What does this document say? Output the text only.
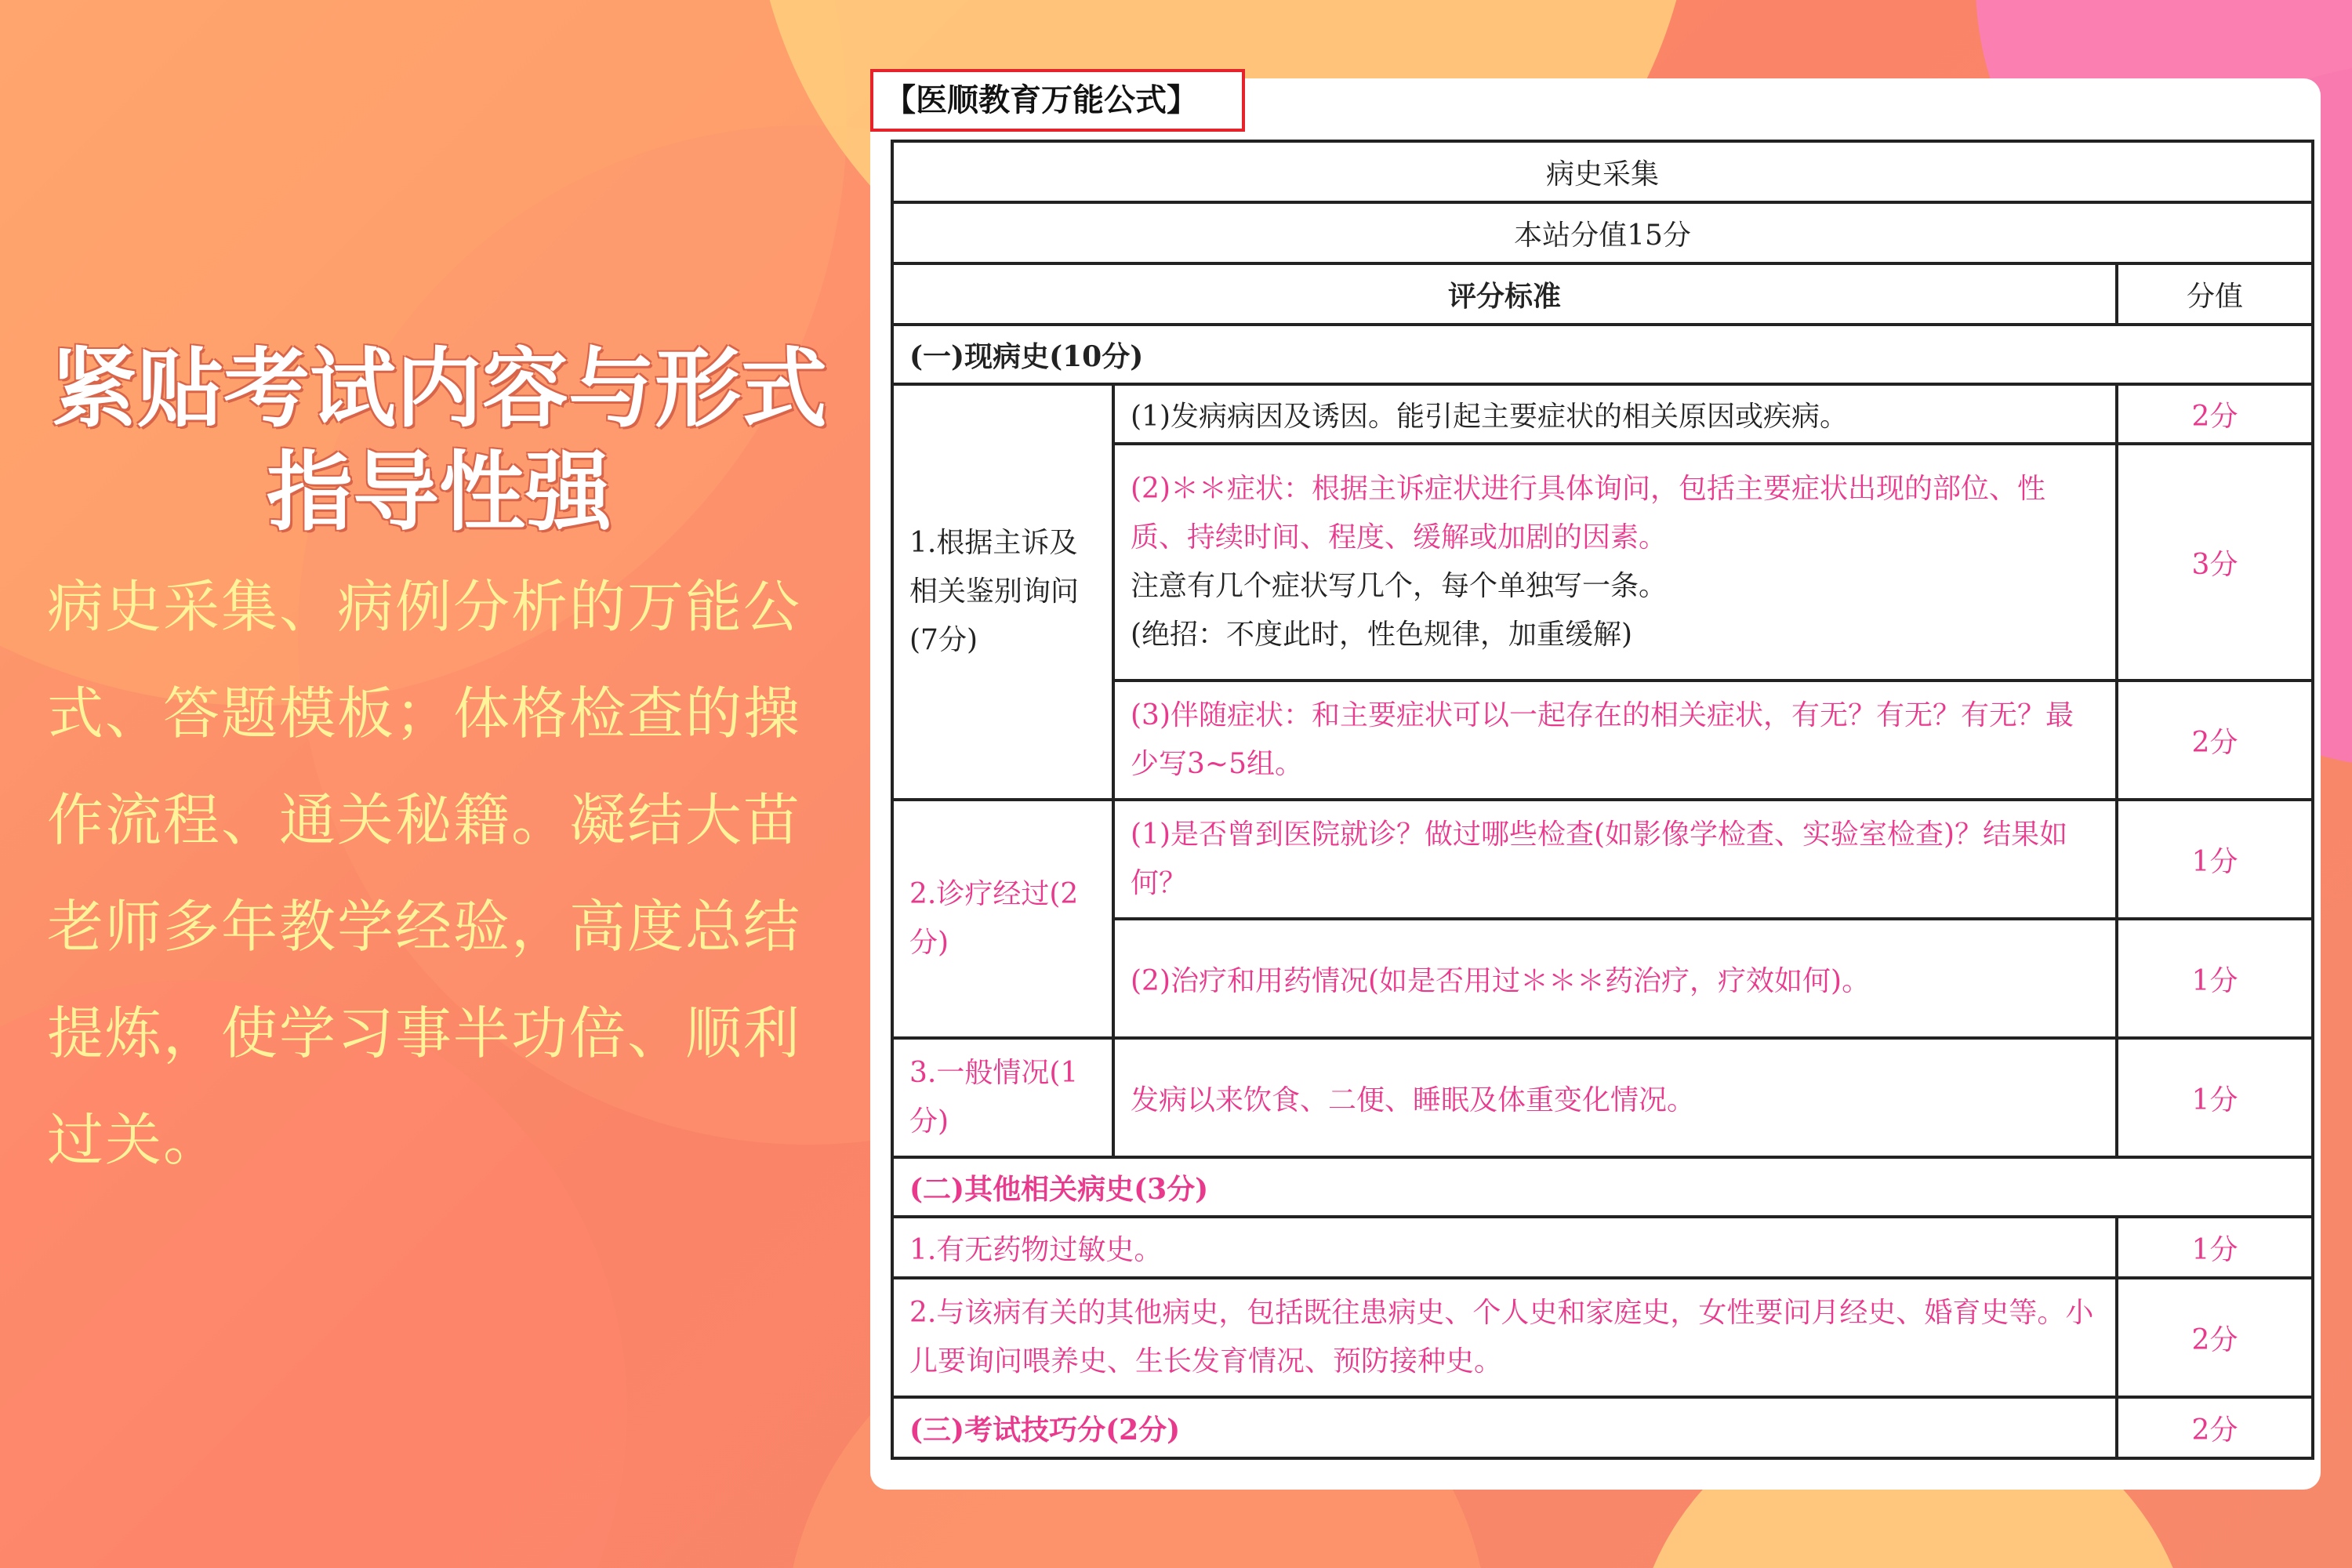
紧贴考试内容与形式
指导性强
病史采集、病例分析的万能公式、答题模板；体格检查的操作流程、通关秘籍。凝结大苗老师多年教学经验，高度总结提炼，使学习事半功倍、顺利过关。
【医顺教育万能公式】
病史采集		
本站分值15分		
评分标准		分值
(一)现病史(10分)		
1.根据主诉及相关鉴别询问(7分)	(1)发病病因及诱因。能引起主要症状的相关原因或疾病。	2分

	(2)＊＊症状：根据主诉症状进行具体询问，包括主要症状出现的部位、性质、持续时间、程度、缓解或加剧的因素。
注意有几个症状写几个，每个单独写一条。
(绝招：不度此时，性色规律，加重缓解)	3分
	(3)伴随症状：和主要症状可以一起存在的相关症状，有无？有无？有无？最少写3~5组。	2分
2.诊疗经过(2分)	(1)是否曾到医院就诊？做过哪些检查(如影像学检查、实验室检查)？结果如何？	1分
	(2)治疗和用药情况(如是否用过＊＊＊药治疗，疗效如何)。	1分
3.一般情况(1分)	发病以来饮食、二便、睡眠及体重变化情况。	1分
(二)其他相关病史(3分)		
1.有无药物过敏史。		1分
2.与该病有关的其他病史，包括既往患病史、个人史和家庭史，女性要问月经史、婚育史等。小儿要询问喂养史、生长发育情况、预防接种史。		2分
(三)考试技巧分(2分)		2分
